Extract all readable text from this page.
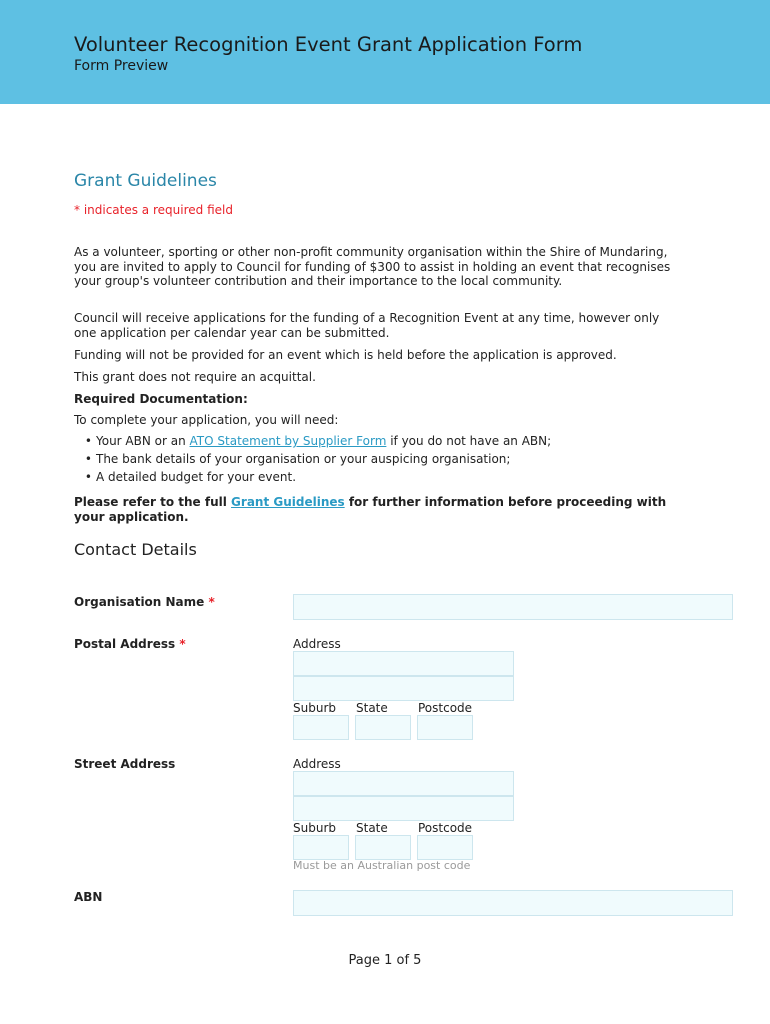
Volunteer Recognition Event Grant Application Form
Form Preview
Grant Guidelines
* indicates a required field
As a volunteer, sporting or other non-profit community organisation within the Shire of Mundaring, you are invited to apply to Council for funding of $300 to assist in holding an event that recognises your group's volunteer contribution and their importance to the local community.
Council will receive applications for the funding of a Recognition Event at any time, however only one application per calendar year can be submitted.
Funding will not be provided for an event which is held before the application is approved.
This grant does not require an acquittal.
Required Documentation:
To complete your application, you will need:
• Your ABN or an ATO Statement by Supplier Form if you do not have an ABN;
• The bank details of your organisation or your auspicing organisation;
• A detailed budget for your event.
Please refer to the full Grant Guidelines for further information before proceeding with your application.
Contact Details
Organisation Name *
Postal Address *	Address
Suburb State	Postcode
Street Address	Address
Suburb State	Postcode
Must be an Australian post code
ABN
Page 1 of 5
